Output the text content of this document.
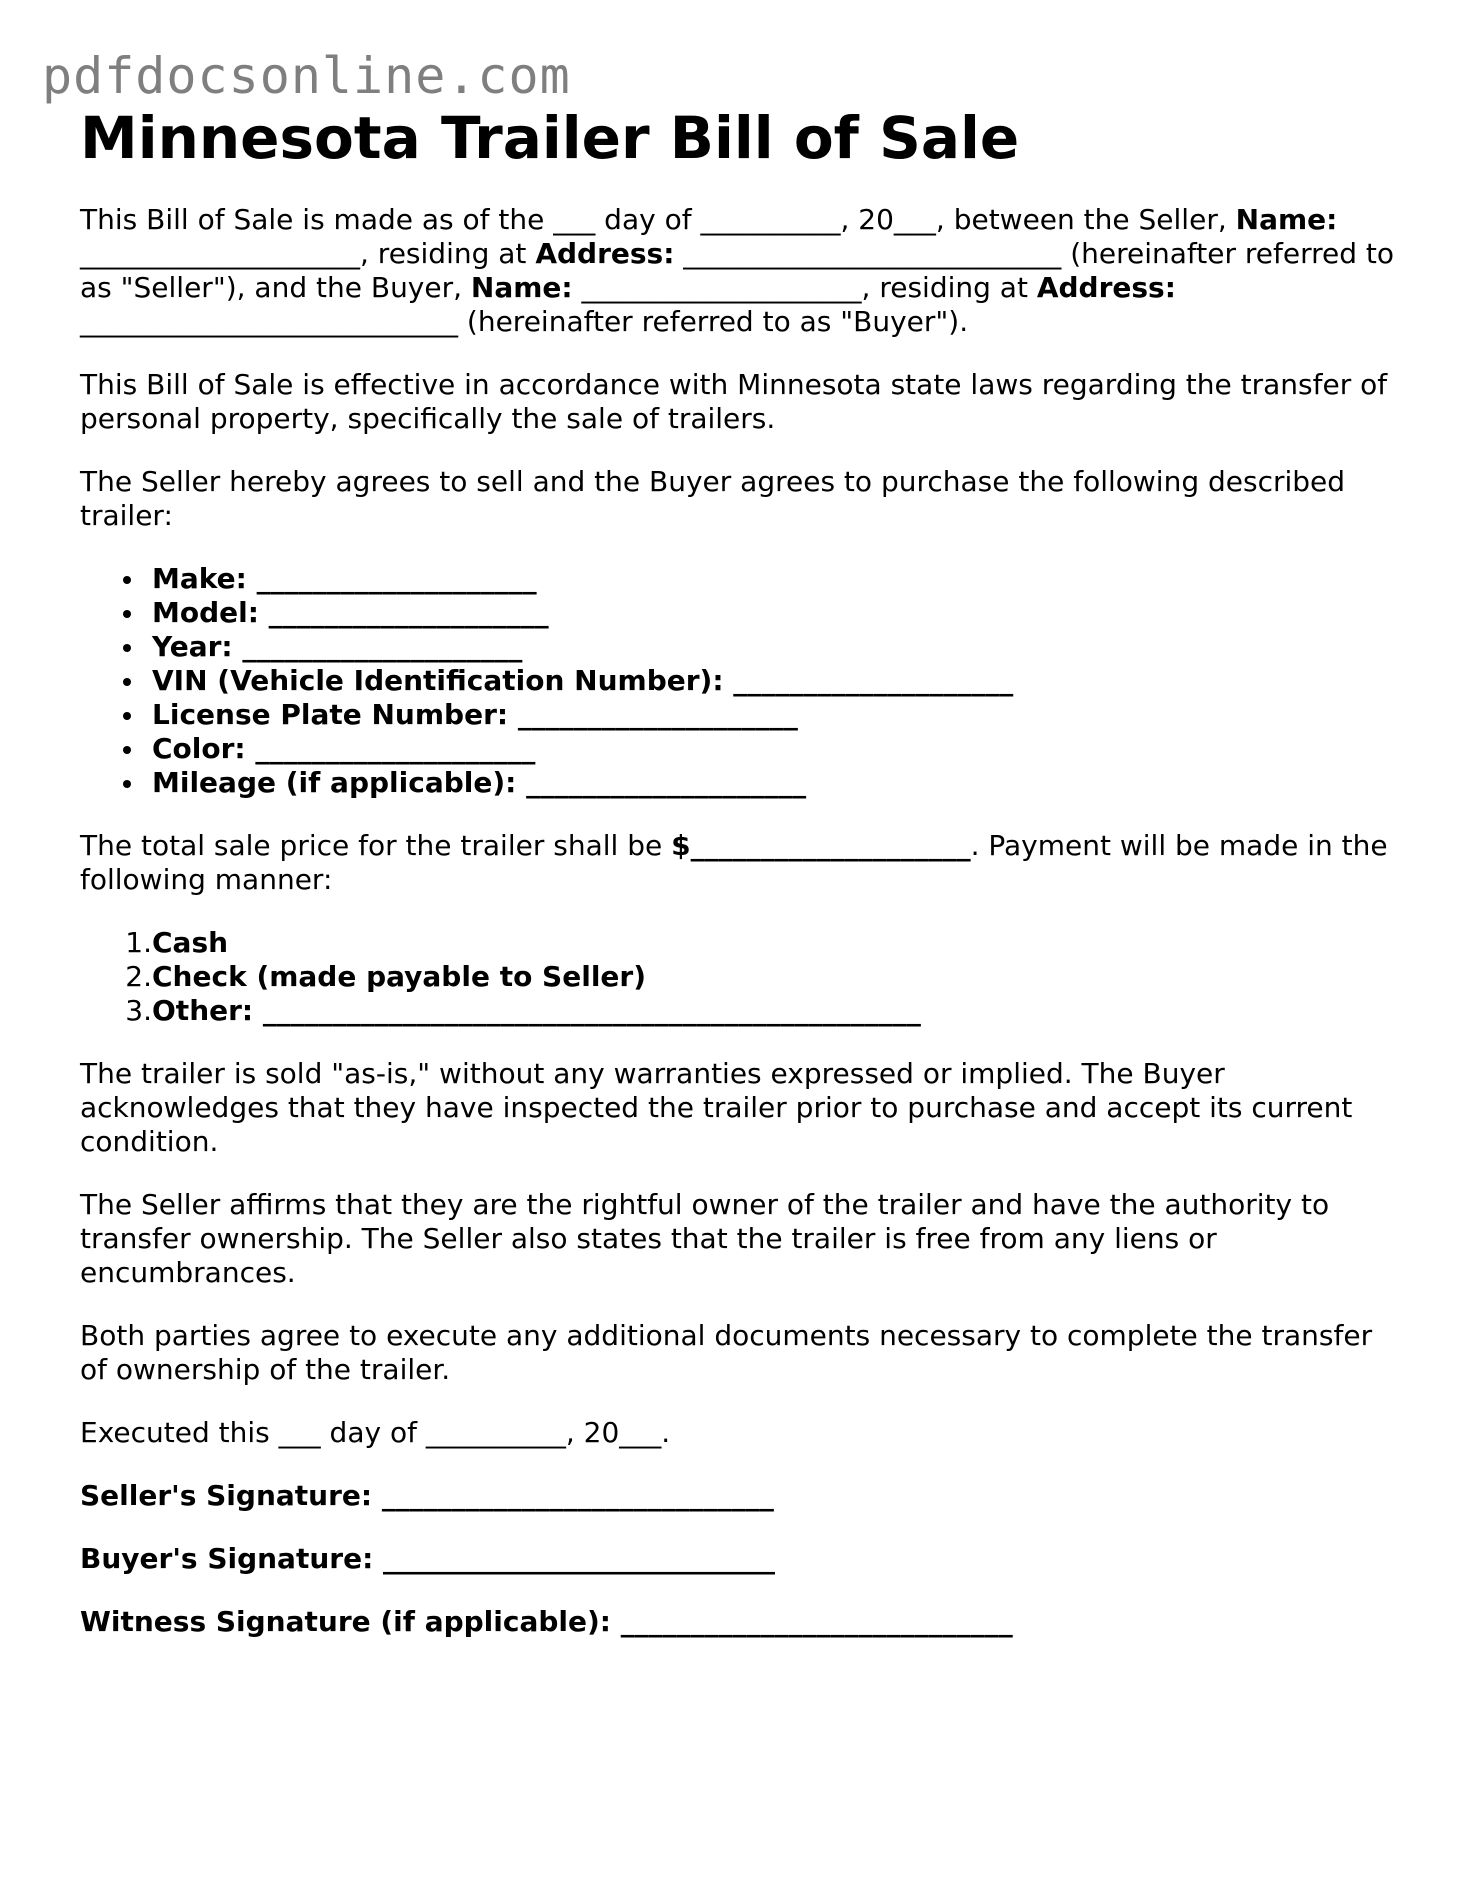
pdfdocsonline.com
Minnesota Trailer Bill of Sale

This Bill of Sale is made as of the ___ day of __________, 20___, between the Seller, Name: ____________________, residing at Address: ___________________________ (hereinafter referred to as "Seller"), and the Buyer, Name: ____________________, residing at Address: ___________________________ (hereinafter referred to as "Buyer").

This Bill of Sale is effective in accordance with Minnesota state laws regarding the transfer of personal property, specifically the sale of trailers.

The Seller hereby agrees to sell and the Buyer agrees to purchase the following described trailer:

Make: ____________________
Model: ____________________
Year: ____________________
VIN (Vehicle Identification Number): ____________________
License Plate Number: ____________________
Color: ____________________
Mileage (if applicable): ____________________

The total sale price for the trailer shall be $____________________. Payment will be made in the following manner:

1. Cash
2. Check (made payable to Seller)
3. Other: _______________________________________________

The trailer is sold "as-is," without any warranties expressed or implied. The Buyer acknowledges that they have inspected the trailer prior to purchase and accept its current condition.

The Seller affirms that they are the rightful owner of the trailer and have the authority to transfer ownership. The Seller also states that the trailer is free from any liens or encumbrances.

Both parties agree to execute any additional documents necessary to complete the transfer of ownership of the trailer.

Executed this ___ day of __________, 20___.

Seller's Signature: ____________________________
Buyer's Signature: ____________________________
Witness Signature (if applicable): ____________________________
